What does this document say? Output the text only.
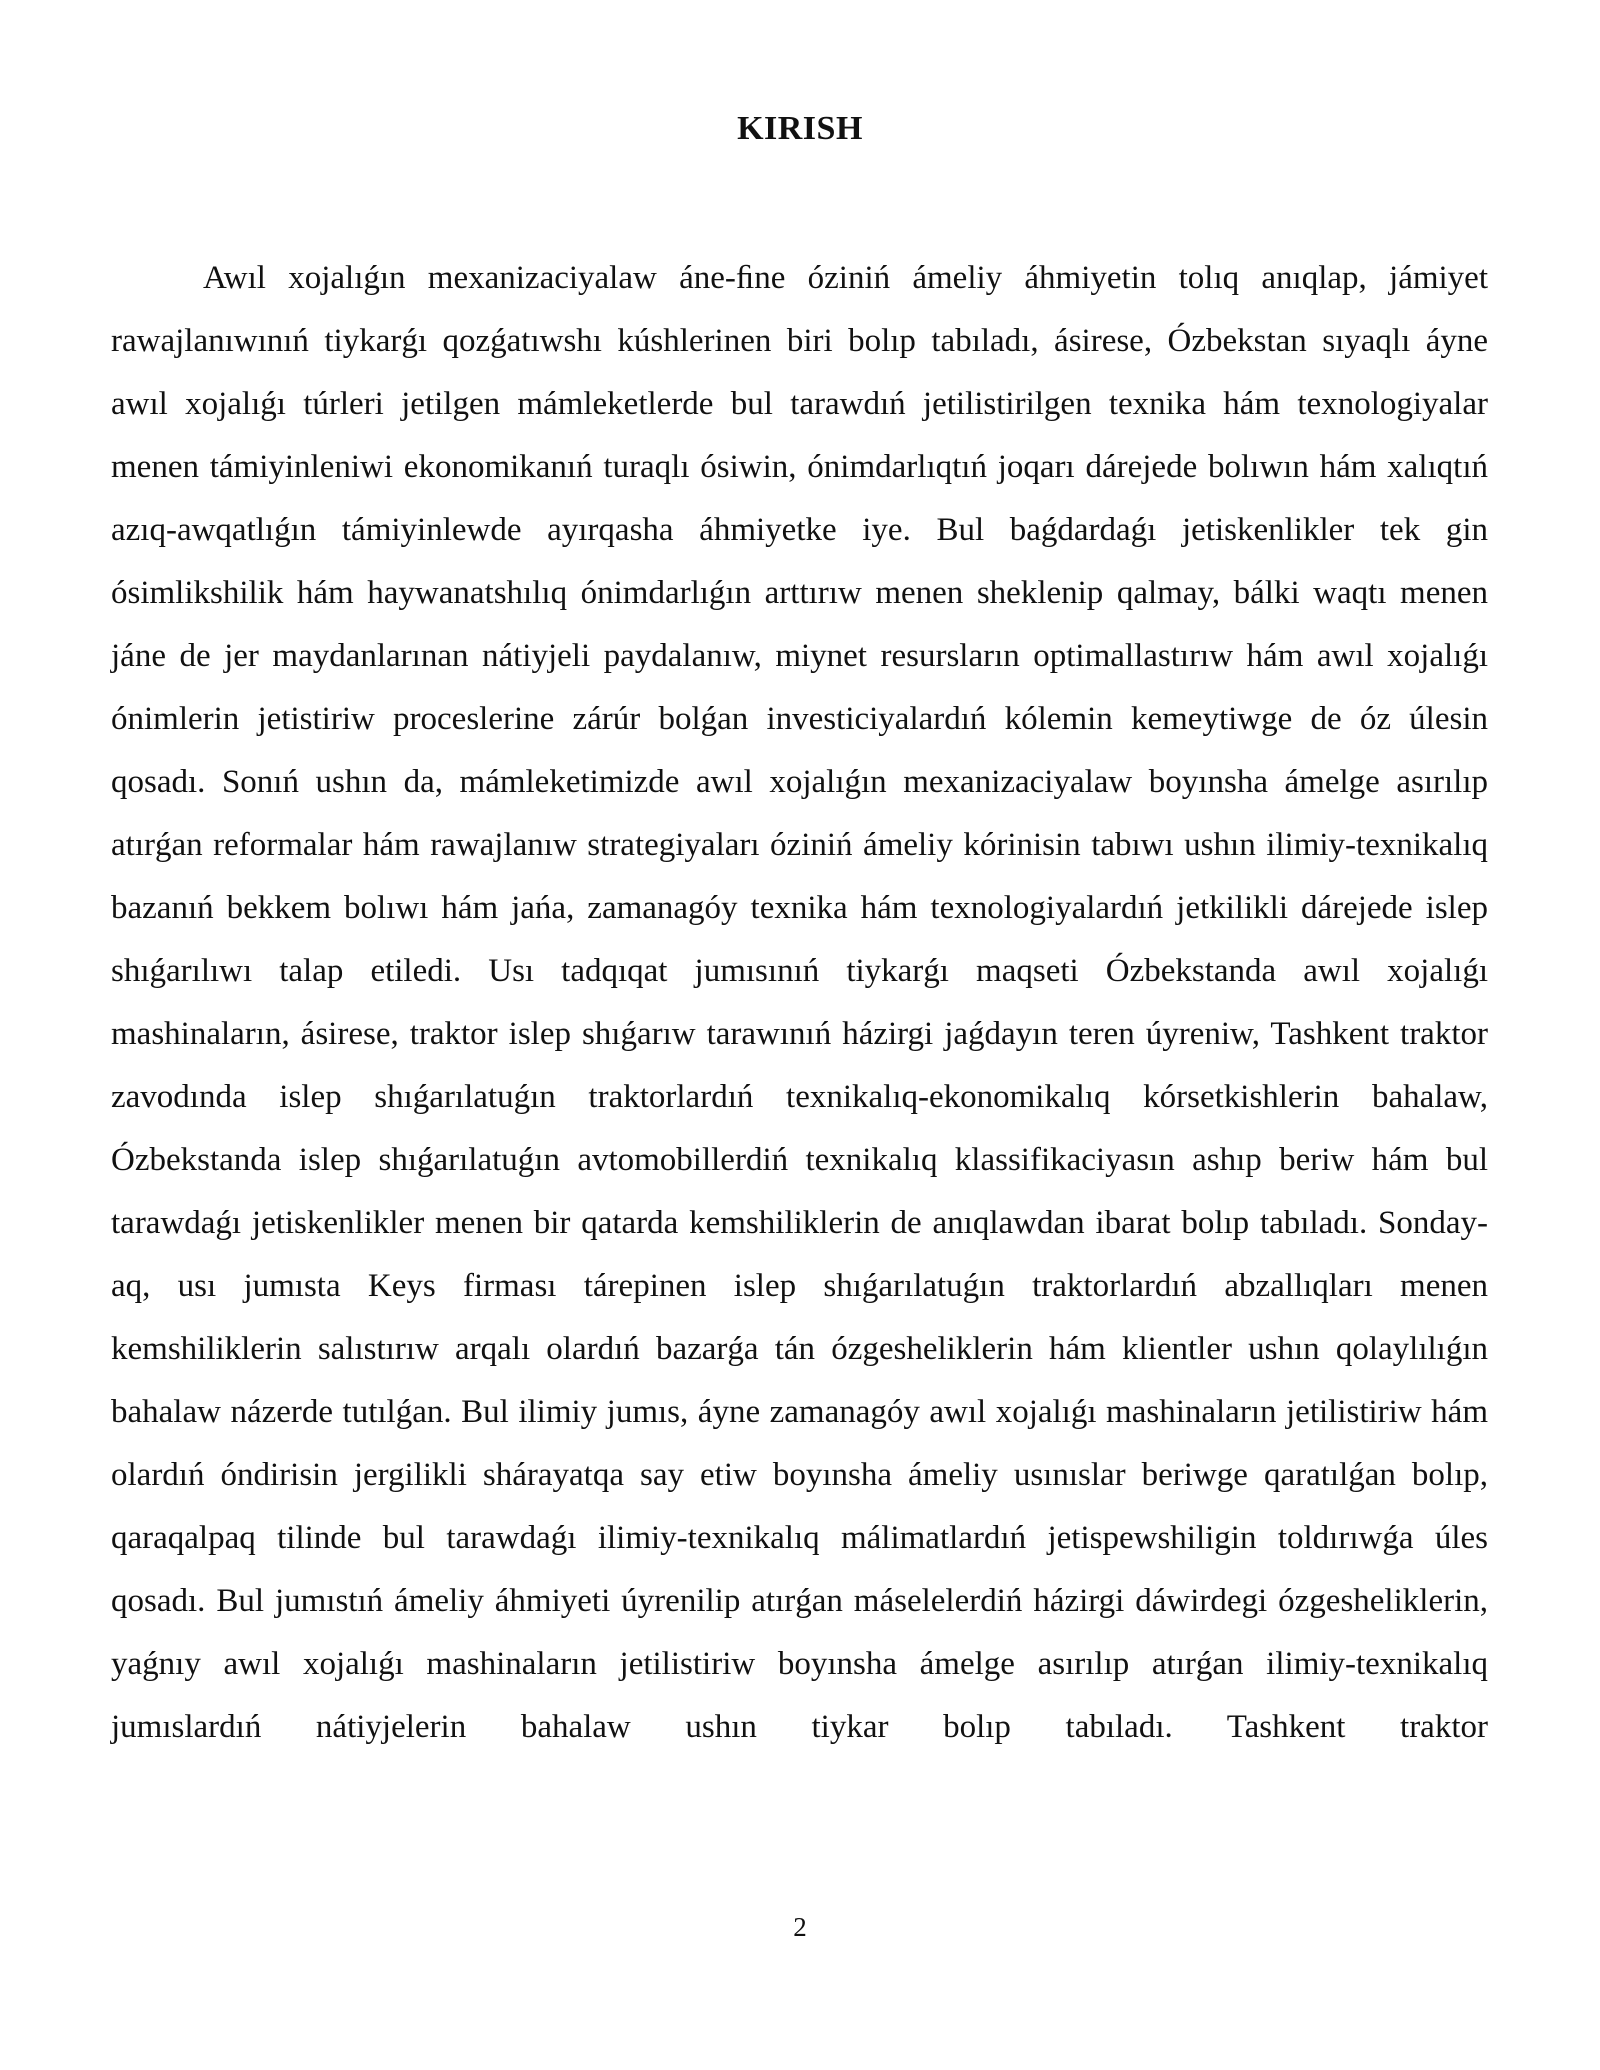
KIRISH

Awıl xojalıǵın mexanizaciyalaw áne-ﬁne óziniń ámeliy áhmiyetin tolıq anıqlap, jámiyet rawajlanıwınıń tiykarǵı qozǵatıwshı kúshlerinen biri bolıp tabıladı, ásirese, Ózbekstan sıyaqlı áyne awıl xojalıǵı túrleri jetilgen mámleketlerde bul tarawdıń jetilistirilgen texnika hám texnologiyalar menen támiyinleniwi ekonomikanıń turaqlı ósiwin, ónimdarlıqtıń joqarı dárejede bolıwın hám xalıqtıń azıq-awqatlıǵın támiyinlewde ayırqasha áhmiyetke iye. Bul baǵdardaǵı jetiskenlikler tek gin ósimlikshilik hám haywanatshılıq ónimdarlıǵın arttırıw menen sheklenip qalmay, bálki waqtı menen jáne de jer maydanlarınan nátiyjeli paydalanıw, miynet resursların optimallastırıw hám awıl xojalıǵı ónimlerin jetistiriw proceslerine zárúr bolǵan investiciyalardıń kólemin kemeytiwge de óz úlesin qosadı. Sonıń ushın da, mámleketimizde awıl xojalıǵın mexanizaciyalaw boyınsha ámelge asırılıp atırǵan reformalar hám rawajlanıw strategiyaları óziniń ámeliy kórinisin tabıwı ushın ilimiy-texnikalıq bazanıń bekkem bolıwı hám jańa, zamanagóy texnika hám texnologiyalardıń jetkilikli dárejede islep shıǵarılıwı talap etiledi. Usı tadqıqat jumısınıń tiykarǵı maqseti Ózbekstanda awıl xojalıǵı mashinaların, ásirese, traktor islep shıǵarıw tarawınıń házirgi jaǵdayın teren úyreniw, Tashkent traktor zavodında islep shıǵarılatuǵın traktorlardıń texnikalıq-ekonomikalıq kórsetkishlerin bahalaw, Ózbekstanda islep shıǵarılatuǵın avtomobillerdiń texnikalıq klassifikaciyasın ashıp beriw hám bul tarawdaǵı jetiskenlikler menen bir qatarda kemshiliklerin de anıqlawdan ibarat bolıp tabıladı. Sonday-aq, usı jumısta Keys firması tárepinen islep shıǵarılatuǵın traktorlardıń abzallıqları menen kemshiliklerin salıstırıw arqalı olardıń bazarǵa tán ózgesheliklerin hám klientler ushın qolaylılıǵın bahalaw názerde tutılǵan. Bul ilimiy jumıs, áyne zamanagóy awıl xojalıǵı mashinaların jetilistiriw hám olardıń óndirisin jergilikli shárayatqa say etiw boyınsha ámeliy usınıslar beriwge qaratılǵan bolıp, qaraqalpaq tilinde bul tarawdaǵı ilimiy-texnikalıq málimatlardıń jetispewshiligin toldırıwǵa úles qosadı. Bul jumıstıń ámeliy áhmiyeti úyrenilip atırǵan máselelerdiń házirgi dáwirdegi ózgesheliklerin, yaǵnıy awıl xojalıǵı mashinaların jetilistiriw boyınsha ámelge asırılıp atırǵan ilimiy-texnikalıq jumıslardıń nátiyjelerin bahalaw ushın tiykar bolıp tabıladı. Tashkent traktor

2
